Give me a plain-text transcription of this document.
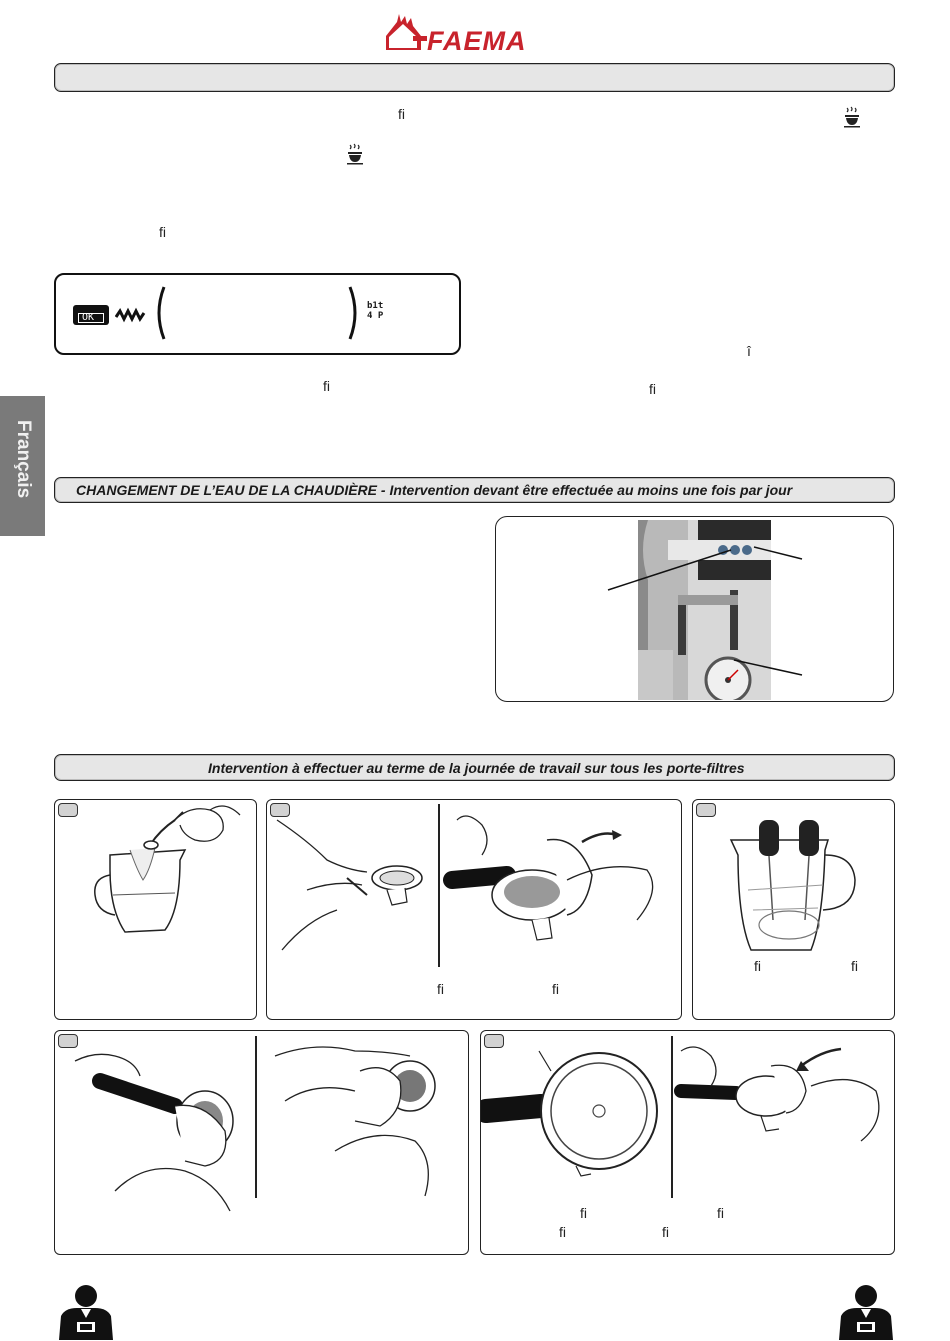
FAEMA
ﬁ
ﬁ
ﬁ
î
ﬁ
OK
b1t
4 P
Français	CHANGEMENT DE L’EAU DE LA CHAUDIÈRE - Intervention devant être effectuée au moins une fois par jour
Intervention à effectuer au terme de la journée de travail sur tous les porte-filtres
ﬁ	ﬁ
ﬁ	ﬁ
ﬁ	ﬁ
ﬁ	ﬁ
